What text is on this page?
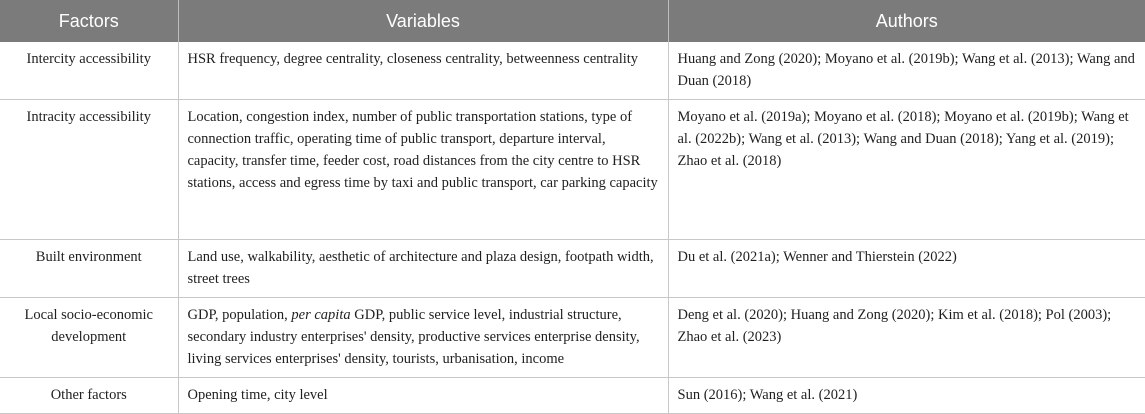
Factors	Variables	Authors
Intercity accessibility	HSR frequency, degree centrality, closeness centrality, betweenness centrality	Huang and Zong (2020); Moyano et al. (2019b); Wang et al. (2013); Wang and Duan (2018)
Intracity accessibility	Location, congestion index, number of public transportation stations, type of connection traffic, operating time of public transport, departure interval, capacity, transfer time, feeder cost, road distances from the city centre to HSR stations, access and egress time by taxi and public transport, car parking capacity	Moyano et al. (2019a); Moyano et al. (2018); Moyano et al. (2019b); Wang et al. (2022b); Wang et al. (2013); Wang and Duan (2018); Yang et al. (2019); Zhao et al. (2018)
Built environment	Land use, walkability, aesthetic of architecture and plaza design, footpath width, street trees	Du et al. (2021a); Wenner and Thierstein (2022)
Local socio-economic development	GDP, population, per capita GDP, public service level, industrial structure, secondary industry enterprises' density, productive services enterprise density, living services enterprises' density, tourists, urbanisation, income	Deng et al. (2020); Huang and Zong (2020); Kim et al. (2018); Pol (2003); Zhao et al. (2023)
Other factors	Opening time, city level	Sun (2016); Wang et al. (2021)
